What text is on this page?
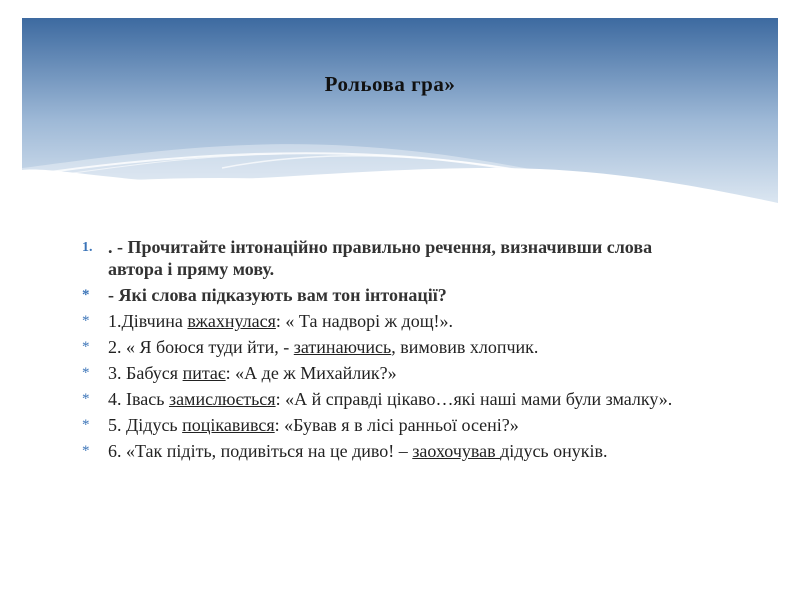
Рольова гра»
1. . - Прочитайте інтонаційно правильно речення, визначивши слова автора і пряму мову.
* - Які слова підказують вам тон інтонації?
* 1.Дівчина вжахнулася: « Та надворі ж дощ!».
* 2. « Я боюся туди йти, - затинаючись, вимовив хлопчик.
* 3. Бабуся питає: «А де ж Михайлик?»
* 4. Івась замислюється: «А й справді цікаво…які наші мами були змалку».
* 5. Дідусь поцікавився: «Бував я в лісі ранньої осені?»
* 6. «Так підіть, подивіться на це диво! – заохочував дідусь онуків.
